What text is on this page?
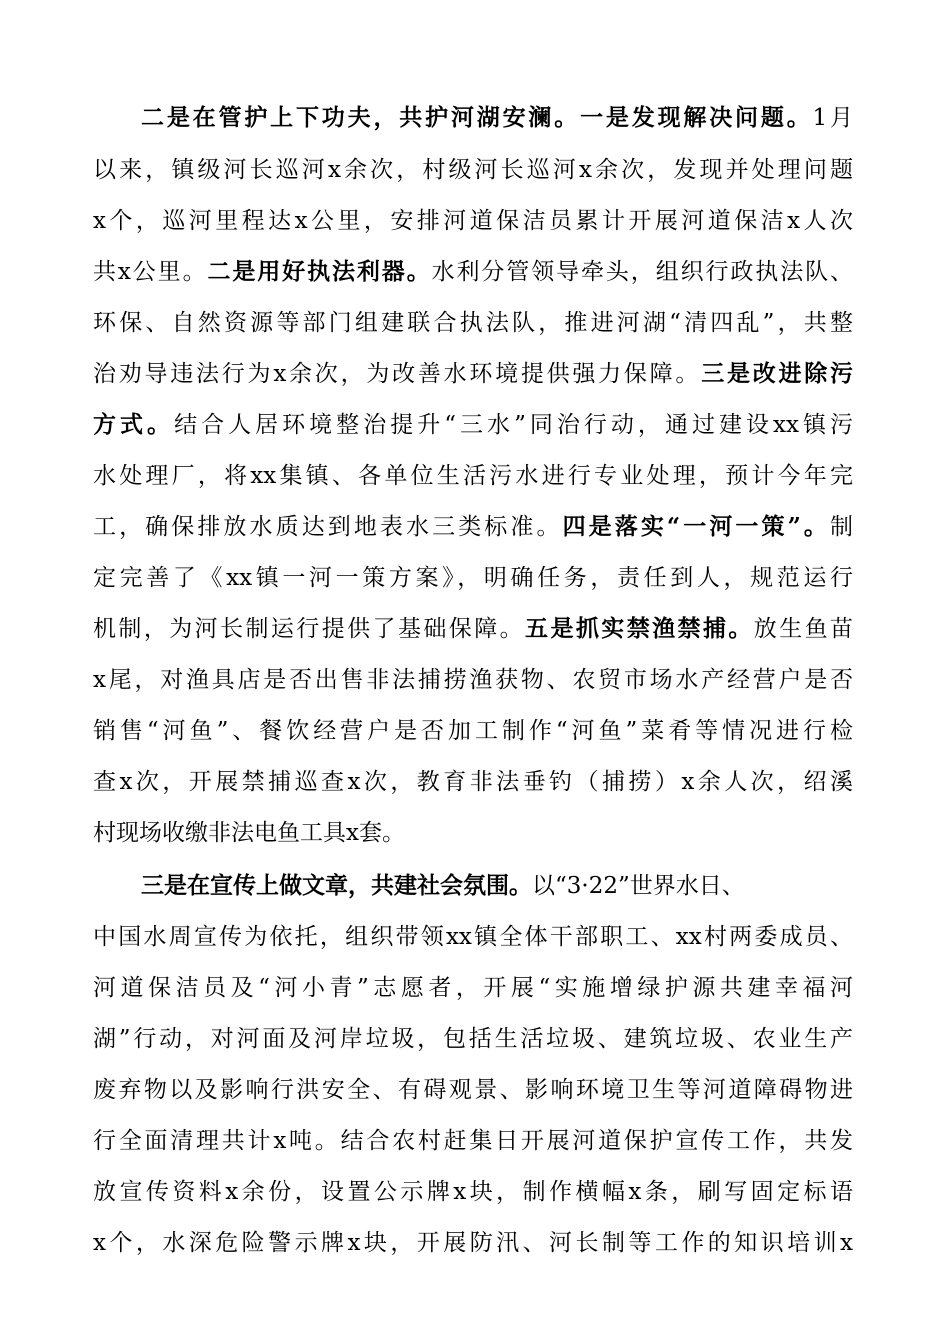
二是在管护上下功夫，共护河湖安澜。一是发现解决问题。1月
以来，镇级河长巡河x余次，村级河长巡河x余次，发现并处理问题
x个，巡河里程达x公里，安排河道保洁员累计开展河道保洁x人次
共x公里。二是用好执法利器。水利分管领导牵头，组织行政执法队、
环保、自然资源等部门组建联合执法队，推进河湖“清四乱”，共整
治劝导违法行为x余次，为改善水环境提供强力保障。三是改进除污
方式。结合人居环境整治提升“三水”同治行动，通过建设xx镇污
水处理厂，将xx集镇、各单位生活污水进行专业处理，预计今年完
工，确保排放水质达到地表水三类标准。四是落实“一河一策”。制
定完善了《xx镇一河一策方案》，明确任务，责任到人，规范运行
机制，为河长制运行提供了基础保障。五是抓实禁渔禁捕。放生鱼苗
x尾，对渔具店是否出售非法捕捞渔获物、农贸市场水产经营户是否
销售“河鱼”、餐饮经营户是否加工制作“河鱼”菜肴等情况进行检
查x次，开展禁捕巡查x次，教育非法垂钓（捕捞）x余人次，绍溪
村现场收缴非法电鱼工具x套。
三是在宣传上做文章，共建社会氛围。以“3·22”世界水日、
中国水周宣传为依托，组织带领xx镇全体干部职工、xx村两委成员、
河道保洁员及“河小青”志愿者，开展“实施增绿护源共建幸福河
湖”行动，对河面及河岸垃圾，包括生活垃圾、建筑垃圾、农业生产
废弃物以及影响行洪安全、有碍观景、影响环境卫生等河道障碍物进
行全面清理共计x吨。结合农村赶集日开展河道保护宣传工作，共发
放宣传资料x余份，设置公示牌x块，制作横幅x条，刷写固定标语
x个，水深危险警示牌x块，开展防汛、河长制等工作的知识培训x
